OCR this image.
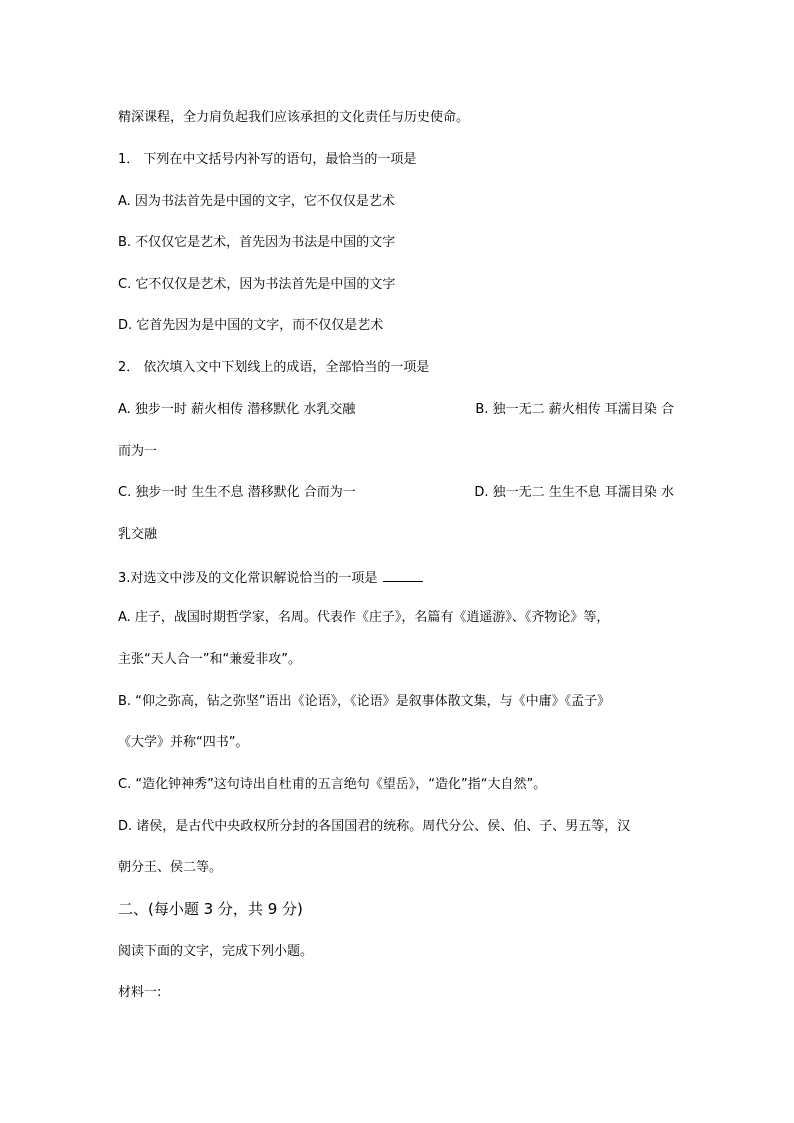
精深课程，全力肩负起我们应该承担的文化责任与历史使命。
1． 下列在中文括号内补写的语句，最恰当的一项是
A. 因为书法首先是中国的文字，它不仅仅是艺术
B. 不仅仅它是艺术，首先因为书法是中国的文字
C. 它不仅仅是艺术，因为书法首先是中国的文字
D. 它首先因为是中国的文字，而不仅仅是艺术
2． 依次填入文中下划线上的成语，全部恰当的一项是
A. 独步一时 薪火相传 潜移默化 水乳交融	B. 独一无二 薪火相传 耳濡目染 合
而为一
C. 独步一时 生生不息 潜移默化 合而为一	D. 独一无二 生生不息 耳濡目染 水
乳交融
3.对选文中涉及的文化常识解说恰当的一项是
A. 庄子，战国时期哲学家，名周。代表作《庄子》，名篇有《逍遥游》、《齐物论》等，
主张“天人合一”和“兼爱非攻”。
B. “仰之弥高，钻之弥坚”语出《论语》，《论语》是叙事体散文集，与《中庸》《孟子》
《大学》并称“四书”。
C. “造化钟神秀”这句诗出自杜甫的五言绝句《望岳》，“造化”指“大自然”。
D. 诸侯，是古代中央政权所分封的各国国君的统称。周代分公、侯、伯、子、男五等，汉
朝分王、侯二等。
二、(每小题 3 分，共 9 分)
阅读下面的文字，完成下列小题。
材料一:
